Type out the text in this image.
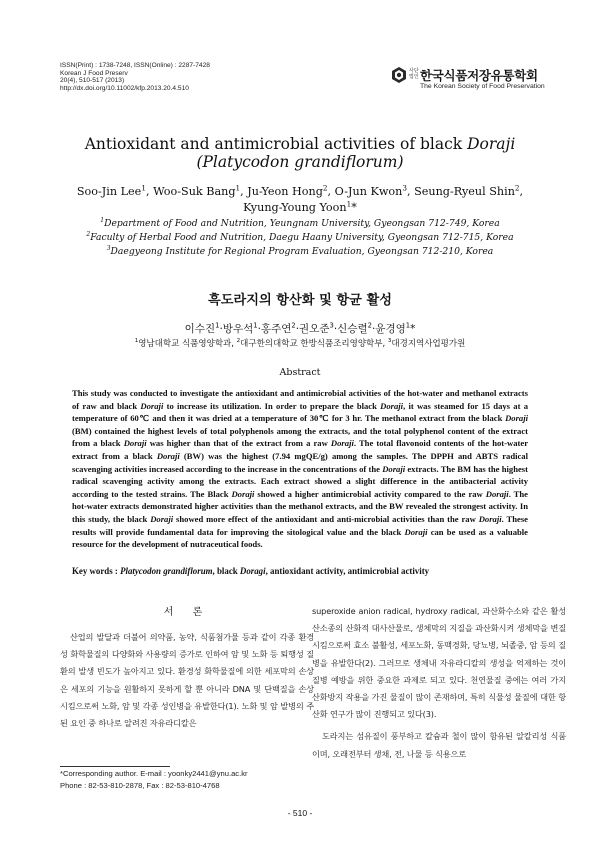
ISSN(Print) : 1738-7248, ISSN(Online) : 2287-7428
Korean J Food Preserv
20(4), 510-517 (2013)
http://dx.doi.org/10.11002/kfp.2013.20.4.510
사단법인 한국식품저장유통학회
The Korean Society of Food Preservation
Antioxidant and antimicrobial activities of black Doraji
(Platycodon grandiflorum)
Soo-Jin Lee$^1$, Woo-Suk Bang$^1$, Ju-Yeon Hong$^2$, O-Jun Kwon$^3$, Seung-Ryeul Shin$^2$,
Kyung-Young Yoon$^1$*
$^1$Department of Food and Nutrition, Yeungnam University, Gyeongsan 712-749, Korea
$^2$Faculty of Herbal Food and Nutrition, Daegu Haany University, Gyeongsan 712-715, Korea
$^3$Daegyeong Institute for Regional Program Evaluation, Gyeongsan 712-210, Korea
흑도라지의 항산화 및 항균 활성
이수진$^1$·방우석$^1$·홍주연$^2$·권오준$^3$·신승렬$^2$·윤경영$^1$*
$^1$영남대학교 식품영양학과, $^2$대구한의대학교 한방식품조리영양학부, $^3$대경지역사업평가원
Abstract

This study was conducted to investigate the antioxidant and antimicrobial activities of the hot-water and methanol extracts of raw and black Doraji to increase its utilization. In order to prepare the black Doraji, it was steamed for 15 days at a temperature of 60℃ and then it was dried at a temperature of 30℃ for 3 hr. The methanol extract from the black Doraji (BM) contained the highest levels of total polyphenols among the extracts, and the total polyphenol content of the extract from a black Doraji was higher than that of the extract from a raw Doraji. The total flavonoid contents of the hot-water extract from a black Doraji (BW) was the highest (7.94 mgQE/g) among the samples. The DPPH and ABTS radical scavenging activities increased according to the increase in the concentrations of the Doraji extracts. The BM has the highest radical scavenging activity among the extracts. Each extract showed a slight difference in the antibacterial activity according to the tested strains. The Black Doraji showed a higher antimicrobial activity compared to the raw Doraji. The hot-water extracts demonstrated higher activities than the methanol extracts, and the BW revealed the strongest activity. In this study, the black Doraji showed more effect of the antioxidant and anti-microbial activities than the raw Doraji. These results will provide fundamental data for improving the sitological value and the black Doraji can be used as a valuable resource for the development of nutraceutical foods.

Key words : Platycodon grandiflorum, black Doragi, antioxidant activity, antimicrobial activity
서 론

산업의 발달과 더불어 의약품, 농약, 식품첨가물 등과 같이 각종 환경성 화학물질의 다양화와 사용량의 증가로 인하여 암 및 노화 등 퇴행성 질환의 발생 빈도가 높아지고 있다. 환경성 화학물질에 의한 세포막의 손상은 세포의 기능을 원활하지 못하게 할 뿐 아니라 DNA 및 단백질을 손상시킴으로써 노화, 암 및 각종 성인병을 유발한다(1). 노화 및 암 발병의 주된 요인 중 하나로 알려진 자유라디칼은

superoxide anion radical, hydroxy radical, 과산화수소와 같은 활성산소종의 산화적 대사산물로, 생체막의 지질을 과산화시켜 생체막을 변질시킴으로써 효소 불활성, 세포노화, 동맥경화, 당뇨병, 뇌졸중, 암 등의 질병을 유발한다(2). 그러므로 생체내 자유라디칼의 생성을 억제하는 것이 질병 예방을 위한 중요한 과제로 되고 있다. 천연물질 중에는 여러 가지 산화방지 작용을 가진 물질이 많이 존재하며, 특히 식물성 물질에 대한 항산화 연구가 많이 진행되고 있다(3).

도라지는 섬유질이 풍부하고 칼슘과 철이 많이 함유된 알칼리성 식품이며, 오래전부터 생채, 전, 나물 등 식용으로

*Corresponding author. E-mail : yoonky2441@ynu.ac.kr
Phone : 82-53-810-2878, Fax : 82-53-810-4768
- 510 -
